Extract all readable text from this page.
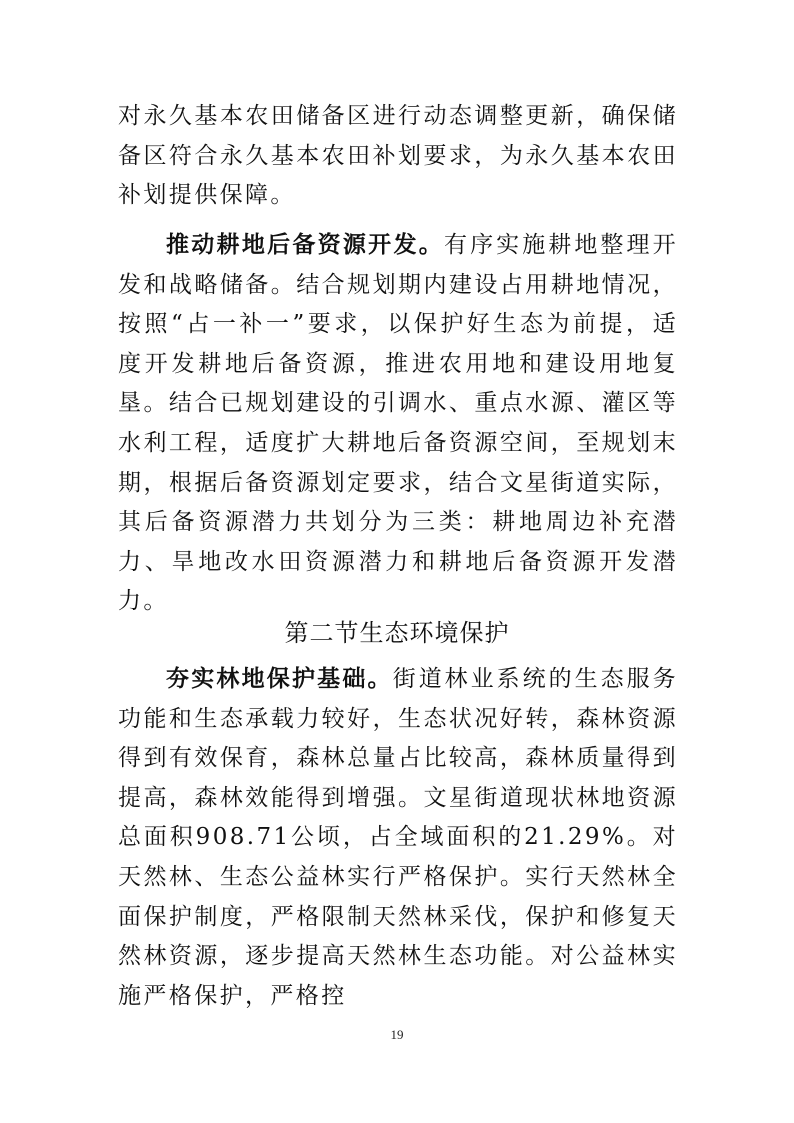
对永久基本农田储备区进行动态调整更新，确保储备区符合永久基本农田补划要求，为永久基本农田补划提供保障。

推动耕地后备资源开发。有序实施耕地整理开发和战略储备。结合规划期内建设占用耕地情况，按照“占一补一”要求，以保护好生态为前提，适度开发耕地后备资源，推进农用地和建设用地复垦。结合已规划建设的引调水、重点水源、灌区等水利工程，适度扩大耕地后备资源空间，至规划末期，根据后备资源划定要求，结合文星街道实际，其后备资源潜力共划分为三类：耕地周边补充潜力、旱地改水田资源潜力和耕地后备资源开发潜力。

第二节生态环境保护

夯实林地保护基础。街道林业系统的生态服务功能和生态承载力较好，生态状况好转，森林资源得到有效保育，森林总量占比较高，森林质量得到提高，森林效能得到增强。文星街道现状林地资源总面积908.71公顷，占全域面积的21.29%。对天然林、生态公益林实行严格保护。实行天然林全面保护制度，严格限制天然林采伐，保护和修复天然林资源，逐步提高天然林生态功能。对公益林实施严格保护，严格控

19
